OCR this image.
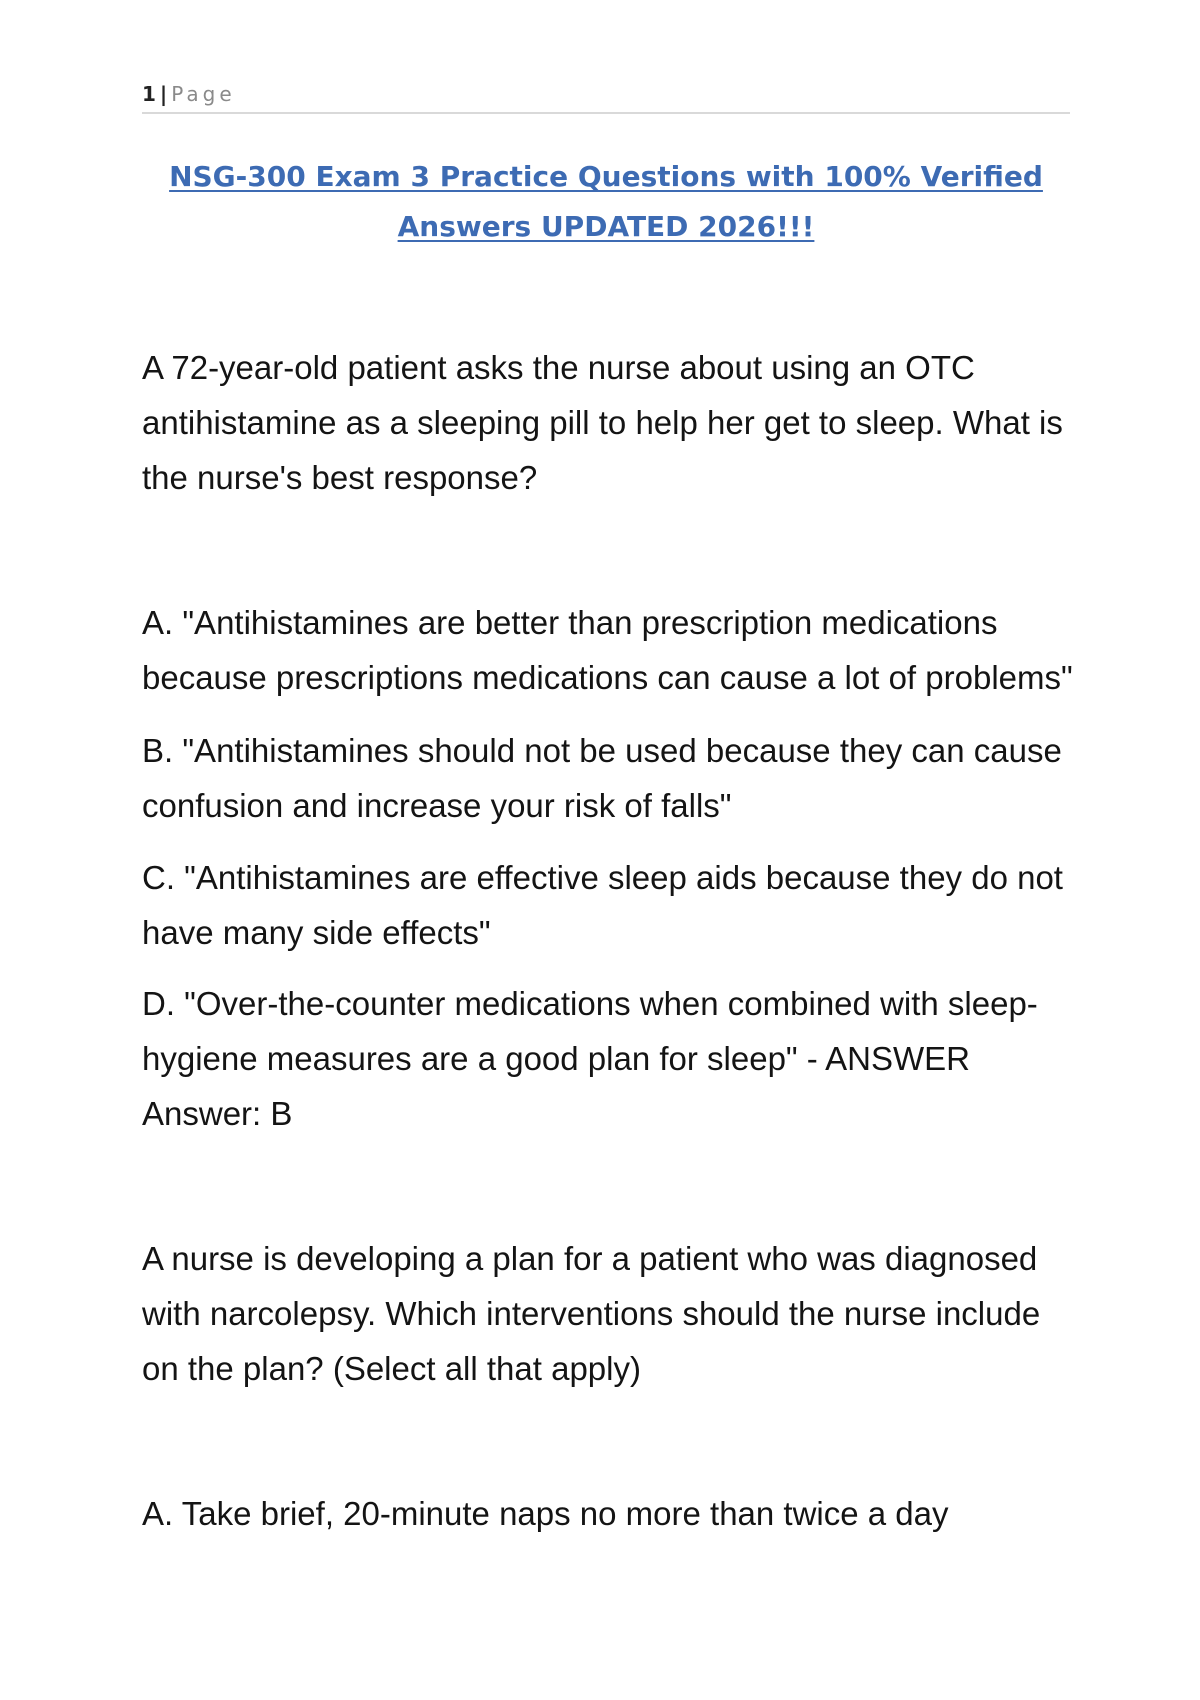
1 | Page
NSG-300 Exam 3 Practice Questions with 100% Verified Answers UPDATED 2026!!!

A 72-year-old patient asks the nurse about using an OTC antihistamine as a sleeping pill to help her get to sleep. What is the nurse's best response?

A. "Antihistamines are better than prescription medications because prescriptions medications can cause a lot of problems"

B. "Antihistamines should not be used because they can cause confusion and increase your risk of falls"

C. "Antihistamines are effective sleep aids because they do not have many side effects"

D. "Over-the-counter medications when combined with sleep-hygiene measures are a good plan for sleep" - ANSWER Answer: B

A nurse is developing a plan for a patient who was diagnosed with narcolepsy. Which interventions should the nurse include on the plan? (Select all that apply)

A. Take brief, 20-minute naps no more than twice a day
